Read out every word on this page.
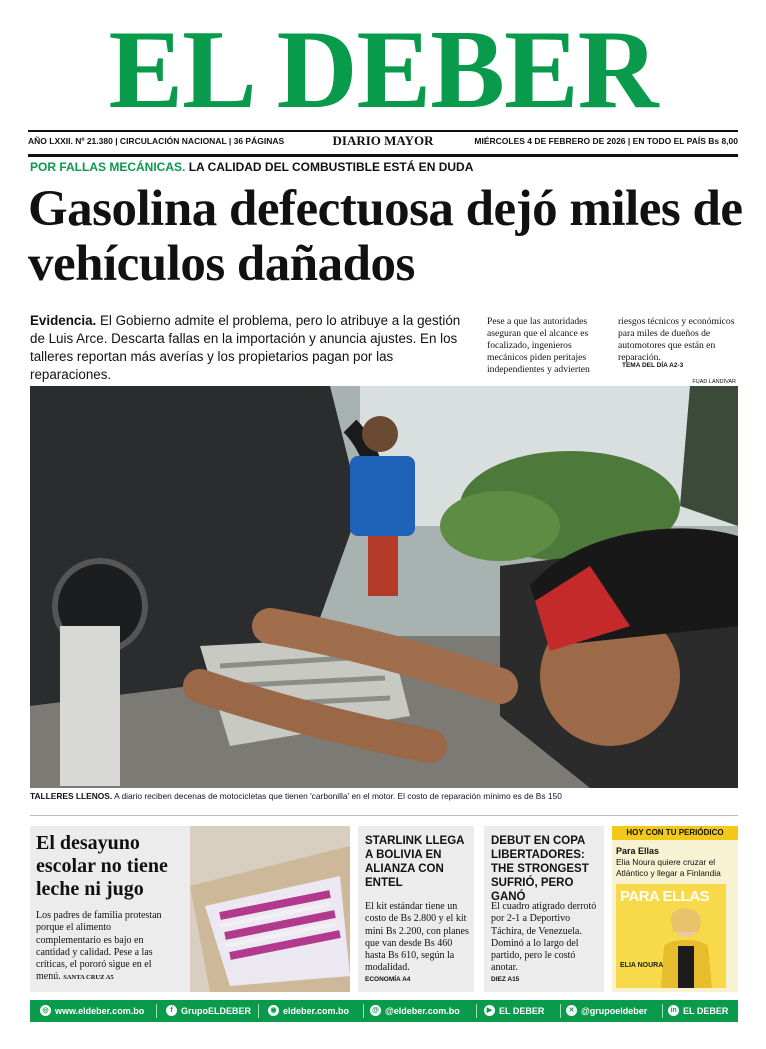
EL DEBER
AÑO LXXII. Nº 21.380 | CIRCULACIÓN NACIONAL | 36 PÁGINAS	DIARIO MAYOR	MIÉRCOLES 4 DE FEBRERO DE 2026 | EN TODO EL PAÍS Bs 8,00
POR FALLAS MECÁNICAS. LA CALIDAD DEL COMBUSTIBLE ESTÁ EN DUDA
Gasolina defectuosa dejó miles de vehículos dañados
Evidencia. El Gobierno admite el problema, pero lo atribuye a la gestión de Luis Arce. Descarta fallas en la importación y anuncia ajustes. En los talleres reportan más averías y los propietarios pagan por las reparaciones.
Pese a que las autoridades aseguran que el alcance es focalizado, ingenieros mecánicos piden peritajes independientes y advierten
riesgos técnicos y económicos para miles de dueños de automotores que están en reparación.
TEMA DEL DÍA A2-3
FUAD LANDÍVAR
TALLERES LLENOS. A diario reciben decenas de motocicletas que tienen 'carbonilla' en el motor. El costo de reparación mínimo es de Bs 150
El desayuno escolar no tiene leche ni jugo
Los padres de familia protestan porque el alimento complementario es bajo en cantidad y calidad. Pese a las críticas, el pororó sigue en el menú. SANTA CRUZ A5
STARLINK LLEGA A BOLIVIA EN ALIANZA CON ENTEL
El kit estándar tiene un costo de Bs 2.800 y el kit mini Bs 2.200, con planes que van desde Bs 460 hasta Bs 610, según la modalidad.
ECONOMÍA A4
DEBUT EN COPA LIBERTADORES: THE STRONGEST SUFRIÓ, PERO GANÓ
El cuadro atigrado derrotó por 2-1 a Deportivo Táchira, de Venezuela. Dominó a lo largo del partido, pero le costó anotar.
DIEZ A15
HOY CON TU PERIÓDICO
Para Ellas
Elia Noura quiere cruzar el Atlántico y llegar a Finlandia
PARA ELLAS
ELIA NOURA
◎ www.eldeber.com.bo	f GrupoELDEBER	◉ eldeber.com.bo	@ @eldeber.com.bo	▶ EL DEBER	✕ @grupoeldeber	in EL DEBER
